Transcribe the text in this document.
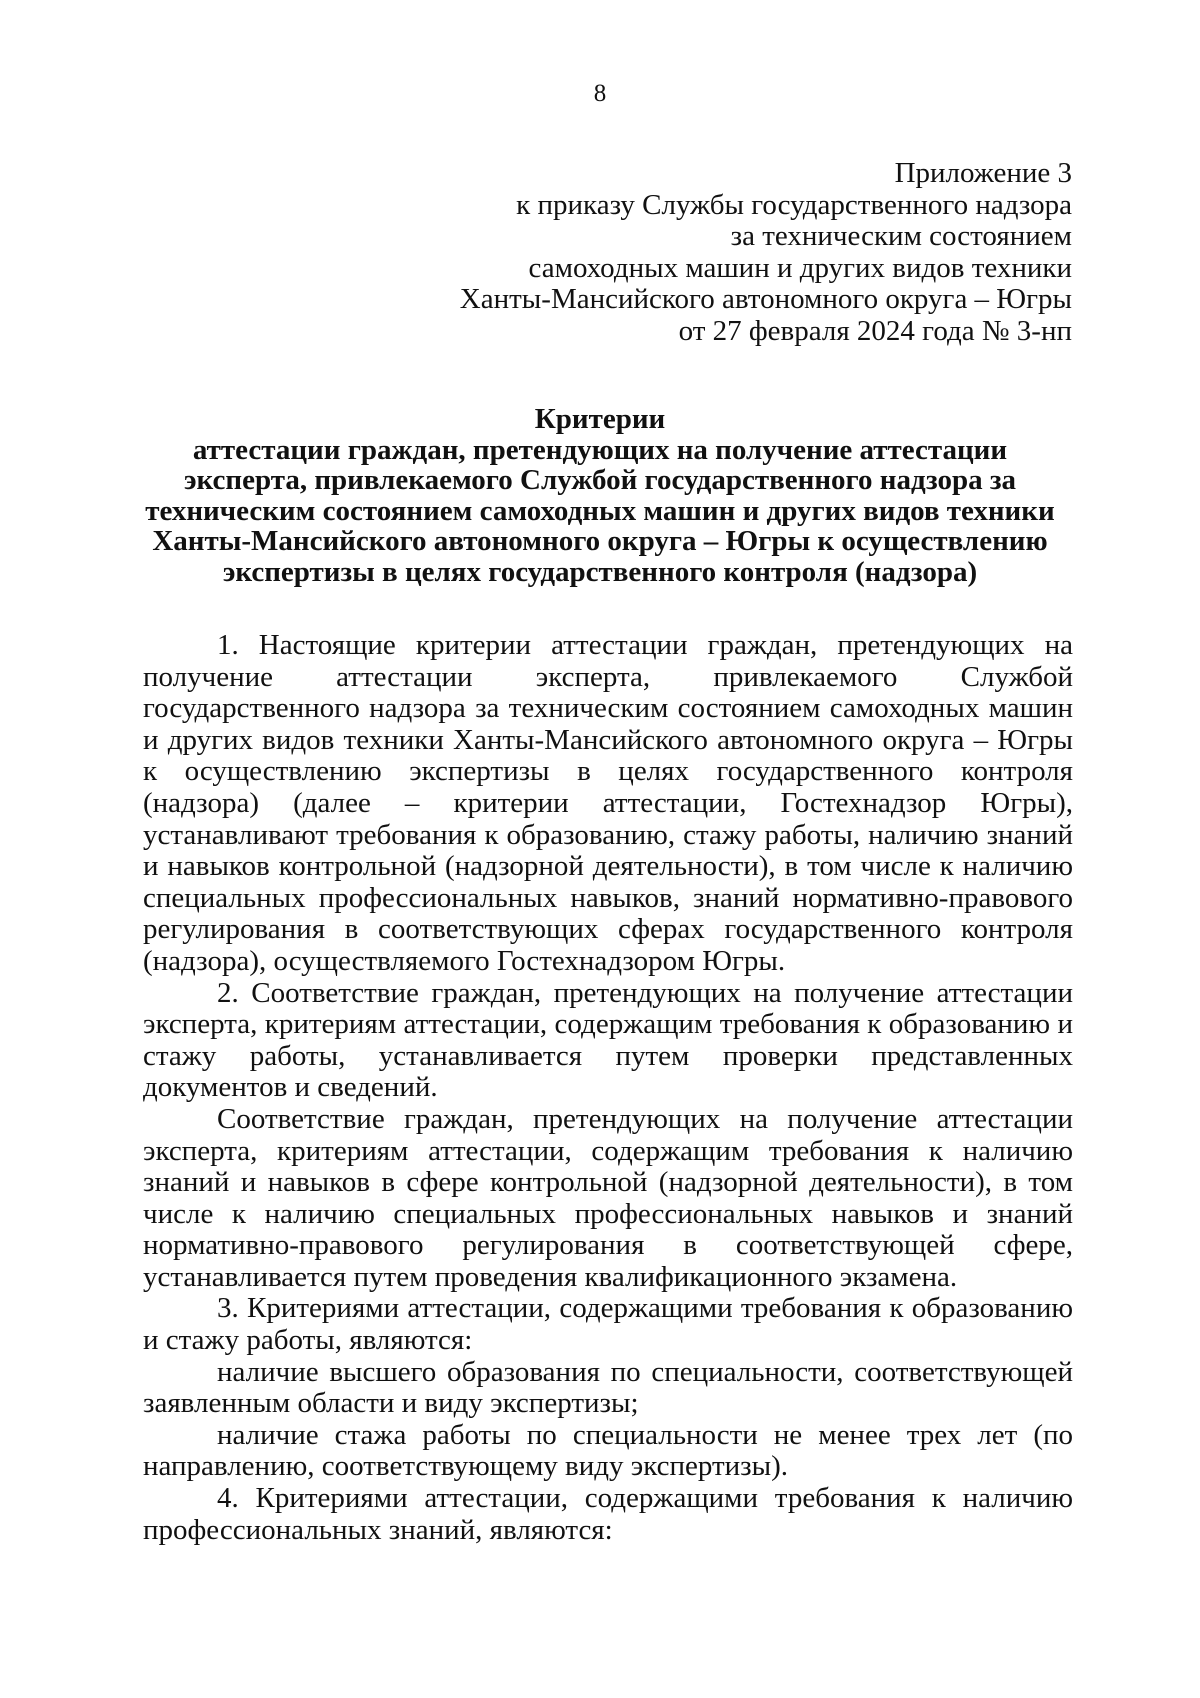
8
Приложение 3
к приказу Службы государственного надзора
за техническим состоянием
самоходных машин и других видов техники
Ханты-Мансийского автономного округа – Югры
от 27 февраля 2024 года № 3-нп
Критерии
аттестации граждан, претендующих на получение аттестации
эксперта, привлекаемого Службой государственного надзора за
техническим состоянием самоходных машин и других видов техники
Ханты-Мансийского автономного округа – Югры к осуществлению
экспертизы в целях государственного контроля (надзора)

1. Настоящие критерии аттестации граждан, претендующих на получение аттестации эксперта, привлекаемого Службой государственного надзора за техническим состоянием самоходных машин и других видов техники Ханты-Мансийского автономного округа – Югры к осуществлению экспертизы в целях государственного контроля (надзора) (далее – критерии аттестации, Гостехнадзор Югры), устанавливают требования к образованию, стажу работы, наличию знаний и навыков контрольной (надзорной деятельности), в том числе к наличию специальных профессиональных навыков, знаний нормативно-правового регулирования в соответствующих сферах государственного контроля (надзора), осуществляемого Гостехнадзором Югры.

2. Соответствие граждан, претендующих на получение аттестации эксперта, критериям аттестации, содержащим требования к образованию и стажу работы, устанавливается путем проверки представленных документов и сведений.

Соответствие граждан, претендующих на получение аттестации эксперта, критериям аттестации, содержащим требования к наличию знаний и навыков в сфере контрольной (надзорной деятельности), в том числе к наличию специальных профессиональных навыков и знаний нормативно-правового регулирования в соответствующей сфере, устанавливается путем проведения квалификационного экзамена.

3. Критериями аттестации, содержащими требования к образованию и стажу работы, являются:

наличие высшего образования по специальности, соответствующей заявленным области и виду экспертизы;

наличие стажа работы по специальности не менее трех лет (по направлению, соответствующему виду экспертизы).

4. Критериями аттестации, содержащими требования к наличию профессиональных знаний, являются:
